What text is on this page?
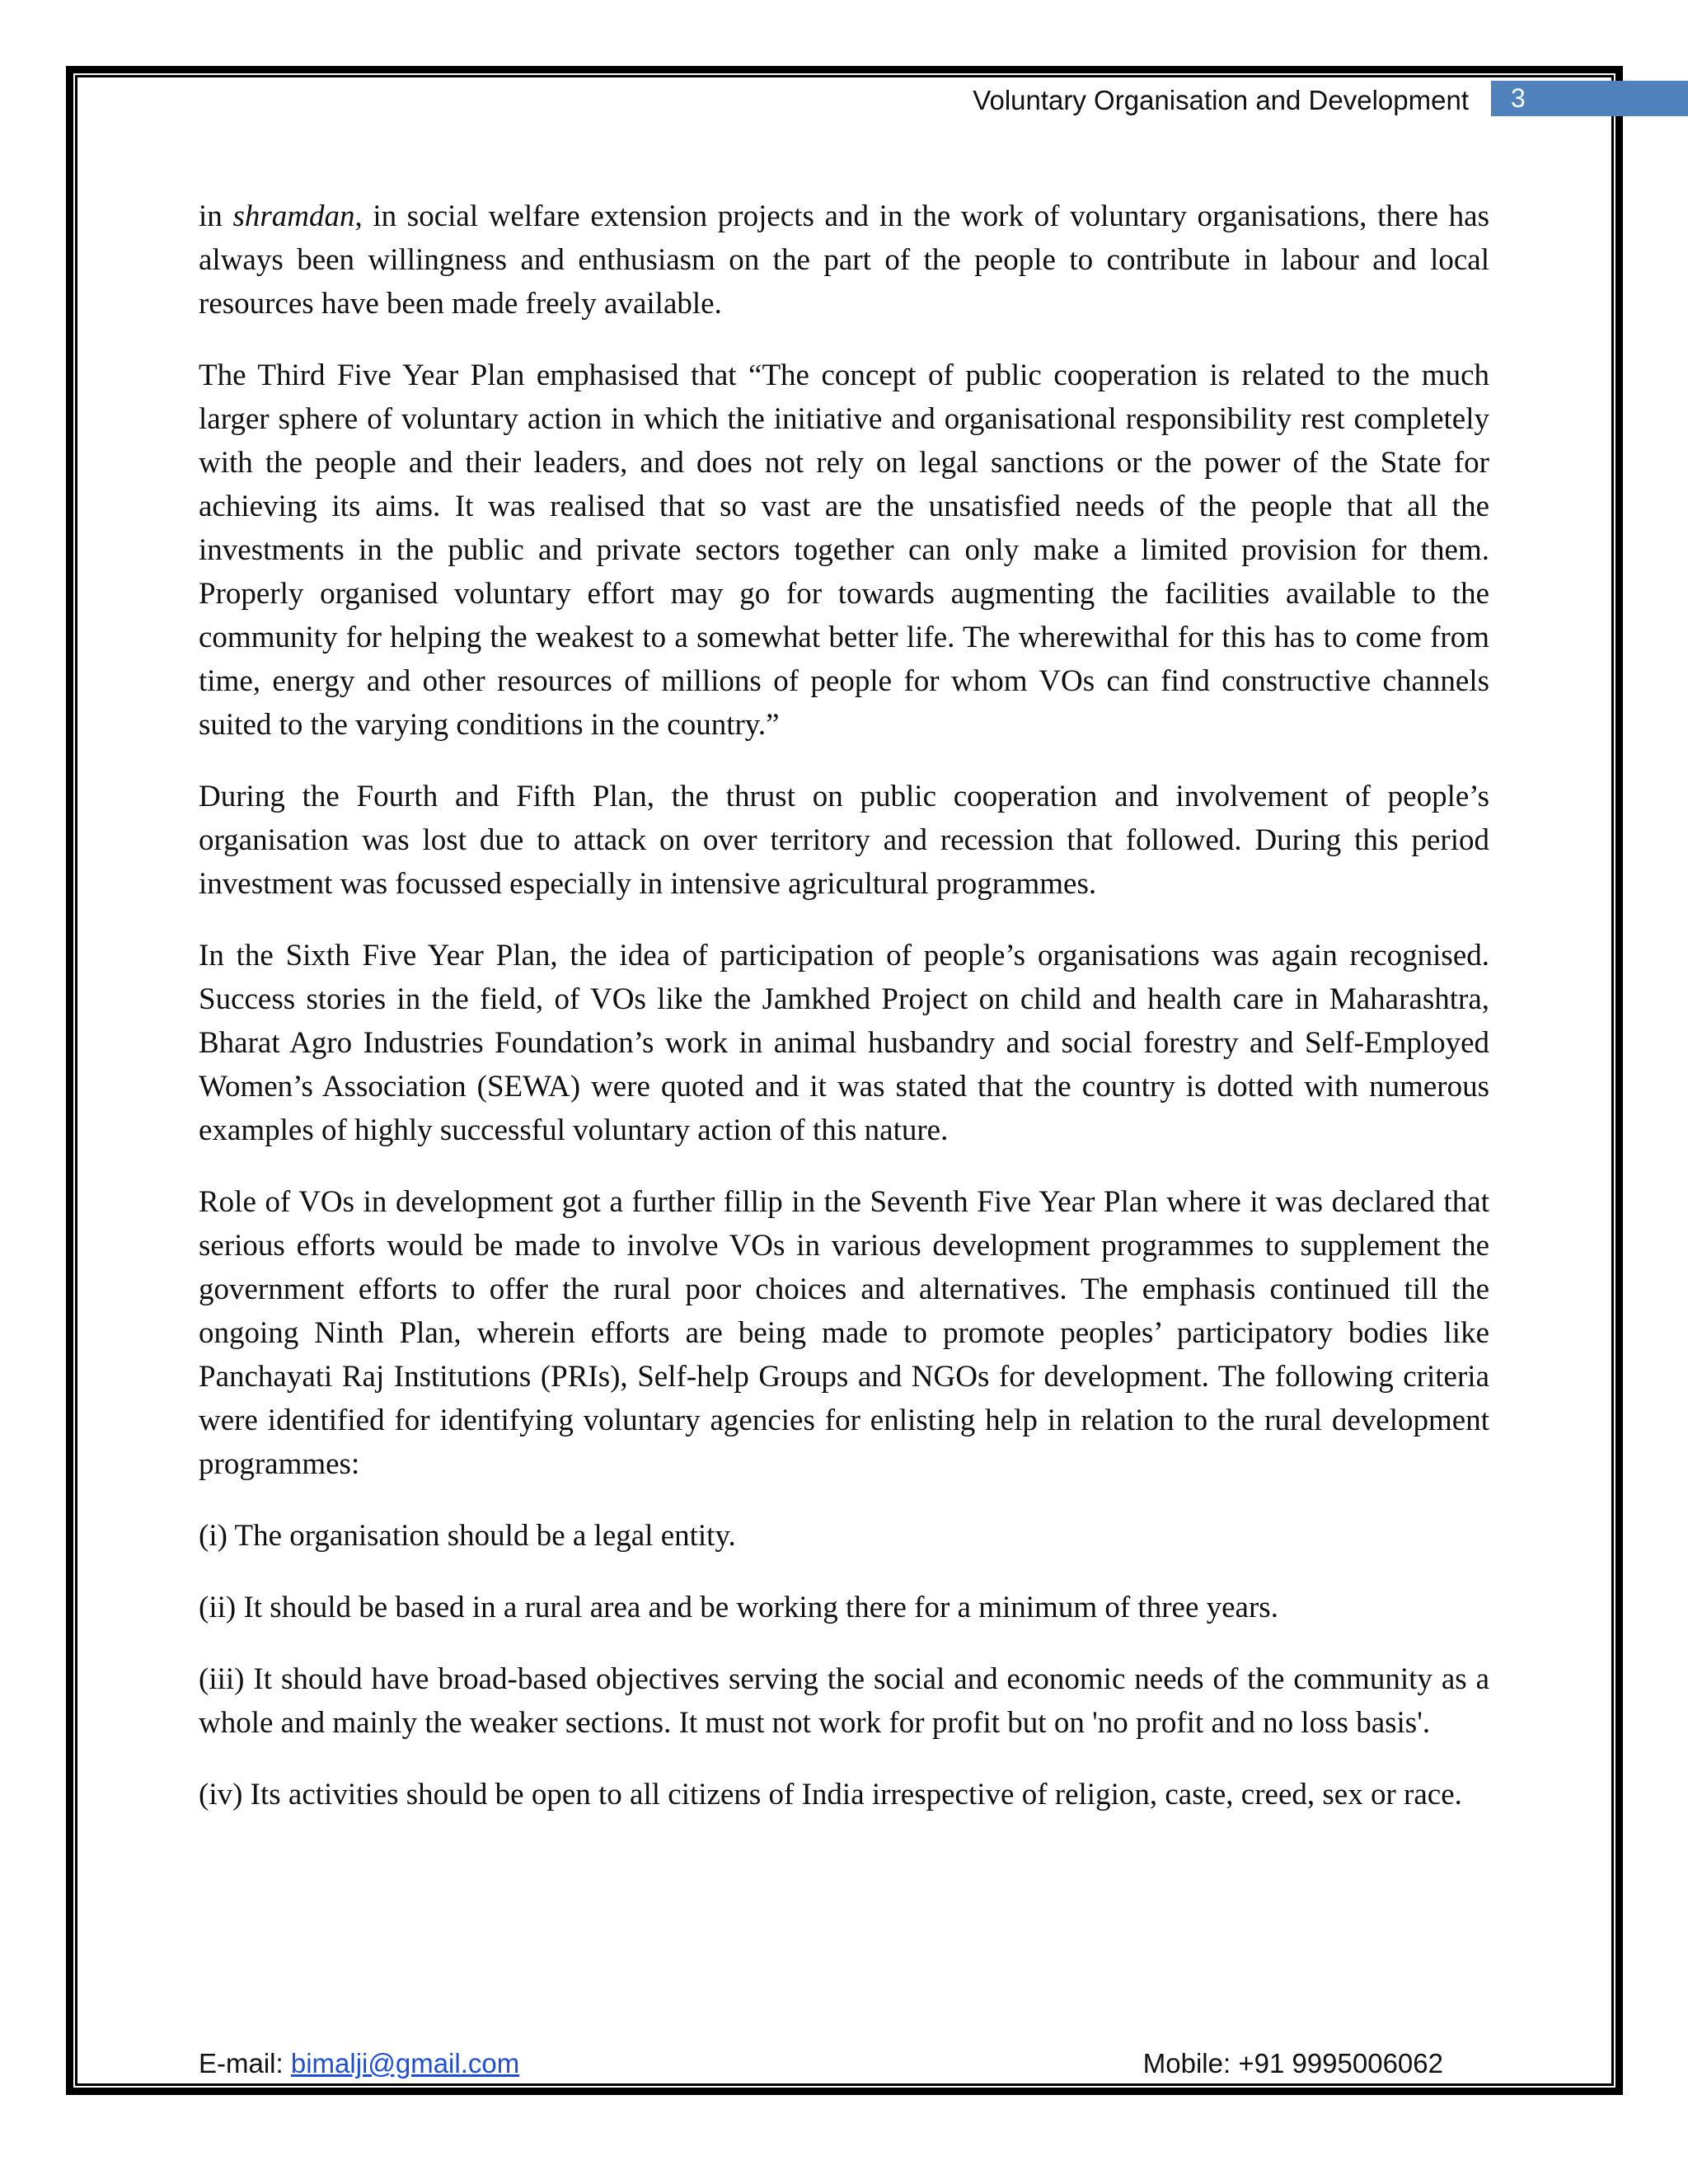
Voluntary Organisation and Development	3

in shramdan, in social welfare extension projects and in the work of voluntary organisations, there has always been willingness and enthusiasm on the part of the people to contribute in labour and local resources have been made freely available.

The Third Five Year Plan emphasised that “The concept of public cooperation is related to the much larger sphere of voluntary action in which the initiative and organisational responsibility rest completely with the people and their leaders, and does not rely on legal sanctions or the power of the State for achieving its aims. It was realised that so vast are the unsatisfied needs of the people that all the investments in the public and private sectors together can only make a limited provision for them. Properly organised voluntary effort may go for towards augmenting the facilities available to the community for helping the weakest to a somewhat better life. The wherewithal for this has to come from time, energy and other resources of millions of people for whom VOs can find constructive channels suited to the varying conditions in the country.”

During the Fourth and Fifth Plan, the thrust on public cooperation and involvement of people’s organisation was lost due to attack on over territory and recession that followed. During this period investment was focussed especially in intensive agricultural programmes.

In the Sixth Five Year Plan, the idea of participation of people’s organisations was again recognised. Success stories in the field, of VOs like the Jamkhed Project on child and health care in Maharashtra, Bharat Agro Industries Foundation’s work in animal husbandry and social forestry and Self-Employed Women’s Association (SEWA) were quoted and it was stated that the country is dotted with numerous examples of highly successful voluntary action of this nature.

Role of VOs in development got a further fillip in the Seventh Five Year Plan where it was declared that serious efforts would be made to involve VOs in various development programmes to supplement the government efforts to offer the rural poor choices and alternatives. The emphasis continued till the ongoing Ninth Plan, wherein efforts are being made to promote peoples’ participatory bodies like Panchayati Raj Institutions (PRIs), Self-help Groups and NGOs for development. The following criteria were identified for identifying voluntary agencies for enlisting help in relation to the rural development programmes:

(i) The organisation should be a legal entity.

(ii) It should be based in a rural area and be working there for a minimum of three years.

(iii) It should have broad-based objectives serving the social and economic needs of the community as a whole and mainly the weaker sections. It must not work for profit but on 'no profit and no loss basis'.

(iv) Its activities should be open to all citizens of India irrespective of religion, caste, creed, sex or race.

E-mail: bimalji@gmail.com	Mobile: +91 9995006062
